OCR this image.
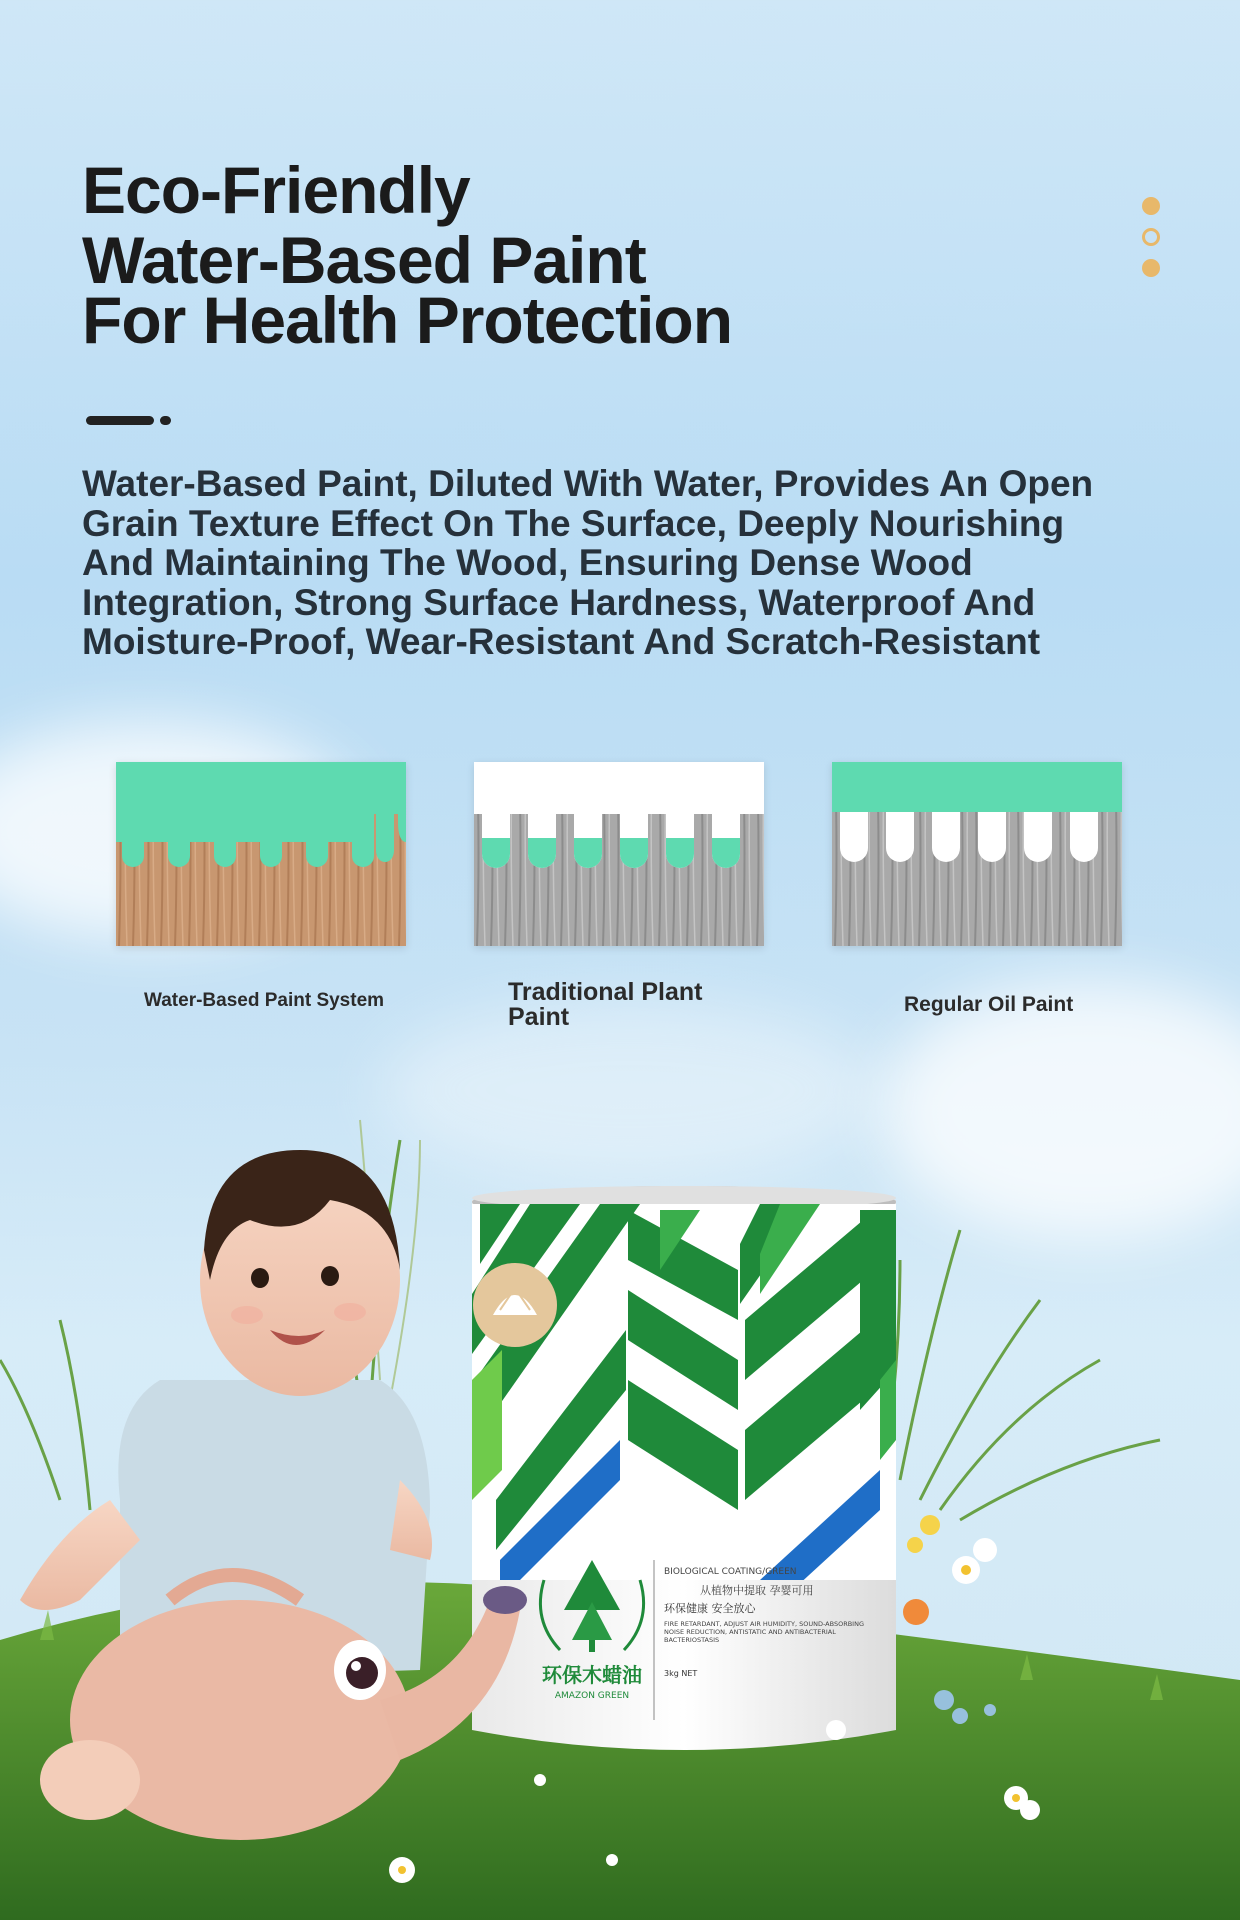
Eco-Friendly

Water-Based Paint

For Health Protection

Water-Based Paint, Diluted With Water, Provides An Open Grain Texture Effect On The Surface, Deeply Nourishing And Maintaining The Wood, Ensuring Dense Wood Integration, Strong Surface Hardness, Waterproof And Moisture-Proof, Wear-Resistant And Scratch-Resistant

Water-Based Paint System	Traditional Plant Paint	Regular Oil Paint
环保木蜡油
AMAZON GREEN
BIOLOGICAL COATING/GREEN
从植物中提取 孕婴可用
环保健康 安全放心
FIRE RETARDANT, ADJUST AIR HUMIDITY, SOUND-ABSORBING NOISE REDUCTION, ANTISTATIC AND ANTIBACTERIAL BACTERIOSTASIS
3kg NET
